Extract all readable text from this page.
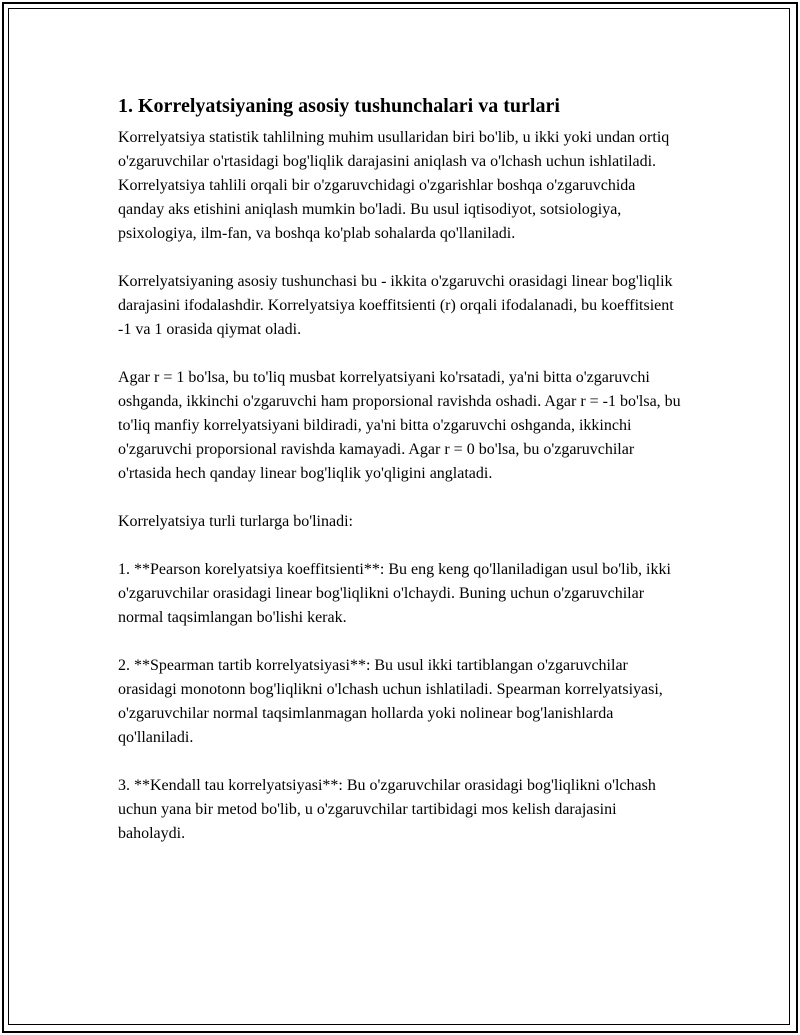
1. Korrelyatsiyaning asosiy tushunchalari va turlari

Korrelyatsiya statistik tahlilning muhim usullaridan biri bo'lib, u ikki yoki undan ortiq o'zgaruvchilar o'rtasidagi bog'liqlik darajasini aniqlash va o'lchash uchun ishlatiladi. Korrelyatsiya tahlili orqali bir o'zgaruvchidagi o'zgarishlar boshqa o'zgaruvchida qanday aks etishini aniqlash mumkin bo'ladi. Bu usul iqtisodiyot, sotsiologiya, psixologiya, ilm-fan, va boshqa ko'plab sohalarda qo'llaniladi.

Korrelyatsiyaning asosiy tushunchasi bu - ikkita o'zgaruvchi orasidagi linear bog'liqlik darajasini ifodalashdir. Korrelyatsiya koeffitsienti (r) orqali ifodalanadi, bu koeffitsient -1 va 1 orasida qiymat oladi.

Agar r = 1 bo'lsa, bu to'liq musbat korrelyatsiyani ko'rsatadi, ya'ni bitta o'zgaruvchi oshganda, ikkinchi o'zgaruvchi ham proporsional ravishda oshadi. Agar r = -1 bo'lsa, bu to'liq manfiy korrelyatsiyani bildiradi, ya'ni bitta o'zgaruvchi oshganda, ikkinchi o'zgaruvchi proporsional ravishda kamayadi. Agar r = 0 bo'lsa, bu o'zgaruvchilar o'rtasida hech qanday linear bog'liqlik yo'qligini anglatadi.

Korrelyatsiya turli turlarga bo'linadi:

1. **Pearson korelyatsiya koeffitsienti**: Bu eng keng qo'llaniladigan usul bo'lib, ikki o'zgaruvchilar orasidagi linear bog'liqlikni o'lchaydi. Buning uchun o'zgaruvchilar normal taqsimlangan bo'lishi kerak.

2. **Spearman tartib korrelyatsiyasi**: Bu usul ikki tartiblangan o'zgaruvchilar orasidagi monotonn bog'liqlikni o'lchash uchun ishlatiladi. Spearman korrelyatsiyasi, o'zgaruvchilar normal taqsimlanmagan hollarda yoki nolinear bog'lanishlarda qo'llaniladi.

3. **Kendall tau korrelyatsiyasi**: Bu o'zgaruvchilar orasidagi bog'liqlikni o'lchash uchun yana bir metod bo'lib, u o'zgaruvchilar tartibidagi mos kelish darajasini baholaydi.
